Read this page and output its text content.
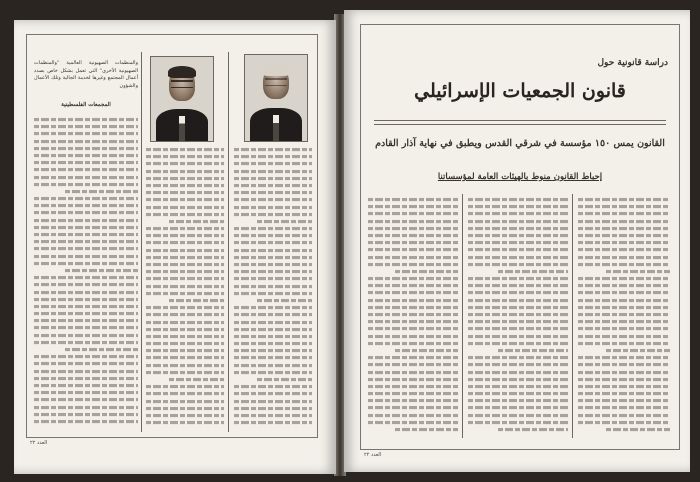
والمنظمات الصهيونية العالمية "والمنظمات الصهيونية الأخرى" التي تعمل بشكل خاص بصدد أعمال المجتمع وغيرها لخدمة الجالية وتلك الأعمال والشؤون
المجمعات الفلسطينية
العدد ٢٢
دراسة قانونية حول
قانون الجمعيات الإسرائيلي
القانون يمس ١٥٠ مؤسسة في شرقي القدس ويطبق في نهاية آذار القادم
إحباط القانون منوط بالهيئات العامة لمؤسساتنا
العدد ٢٢
